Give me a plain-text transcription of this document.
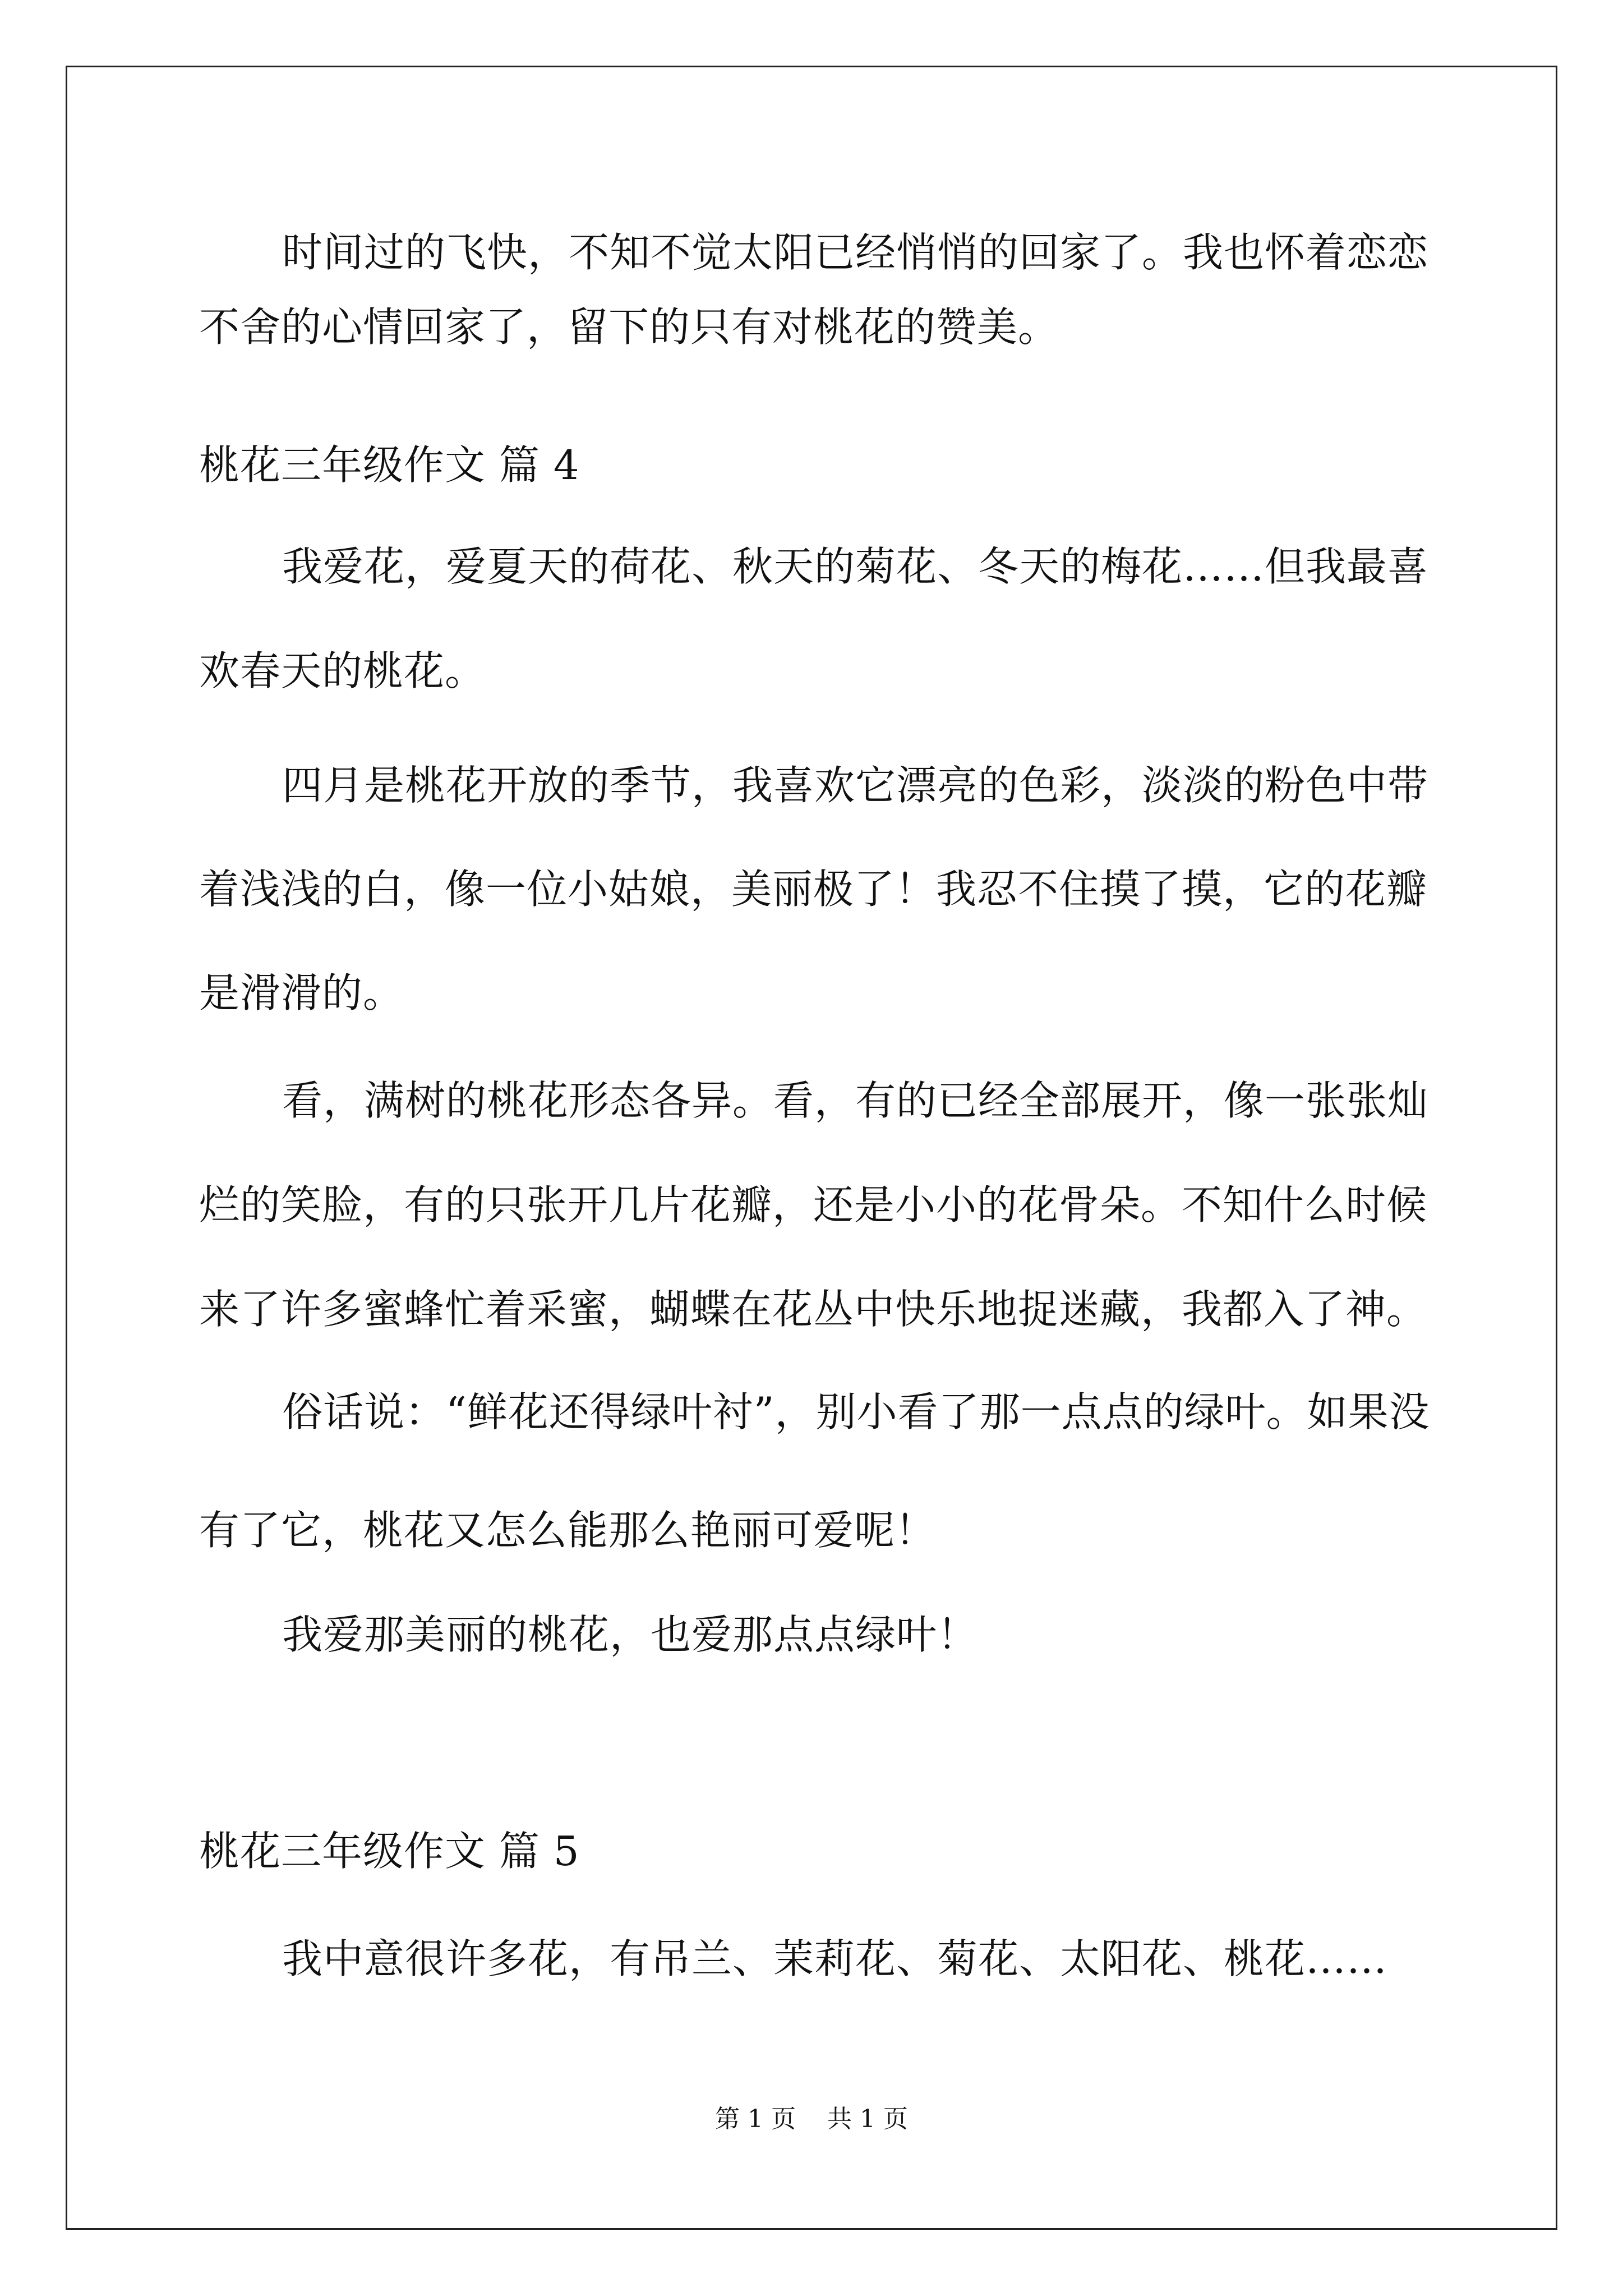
时间过的飞快，不知不觉太阳已经悄悄的回家了。我也怀着恋恋
不舍的心情回家了，留下的只有对桃花的赞美。
桃花三年级作文 篇 4
我爱花，爱夏天的荷花、秋天的菊花、冬天的梅花……但我最喜
欢春天的桃花。
四月是桃花开放的季节，我喜欢它漂亮的色彩，淡淡的粉色中带
着浅浅的白，像一位小姑娘，美丽极了！我忍不住摸了摸，它的花瓣
是滑滑的。
看，满树的桃花形态各异。看，有的已经全部展开，像一张张灿
烂的笑脸，有的只张开几片花瓣，还是小小的花骨朵。不知什么时候
来了许多蜜蜂忙着采蜜，蝴蝶在花丛中快乐地捉迷藏，我都入了神。
俗话说：“鲜花还得绿叶衬”，别小看了那一点点的绿叶。如果没
有了它，桃花又怎么能那么艳丽可爱呢！
我爱那美丽的桃花，也爱那点点绿叶！
桃花三年级作文 篇 5
我中意很许多花，有吊兰、茉莉花、菊花、太阳花、桃花……
第 1 页    共 1 页
